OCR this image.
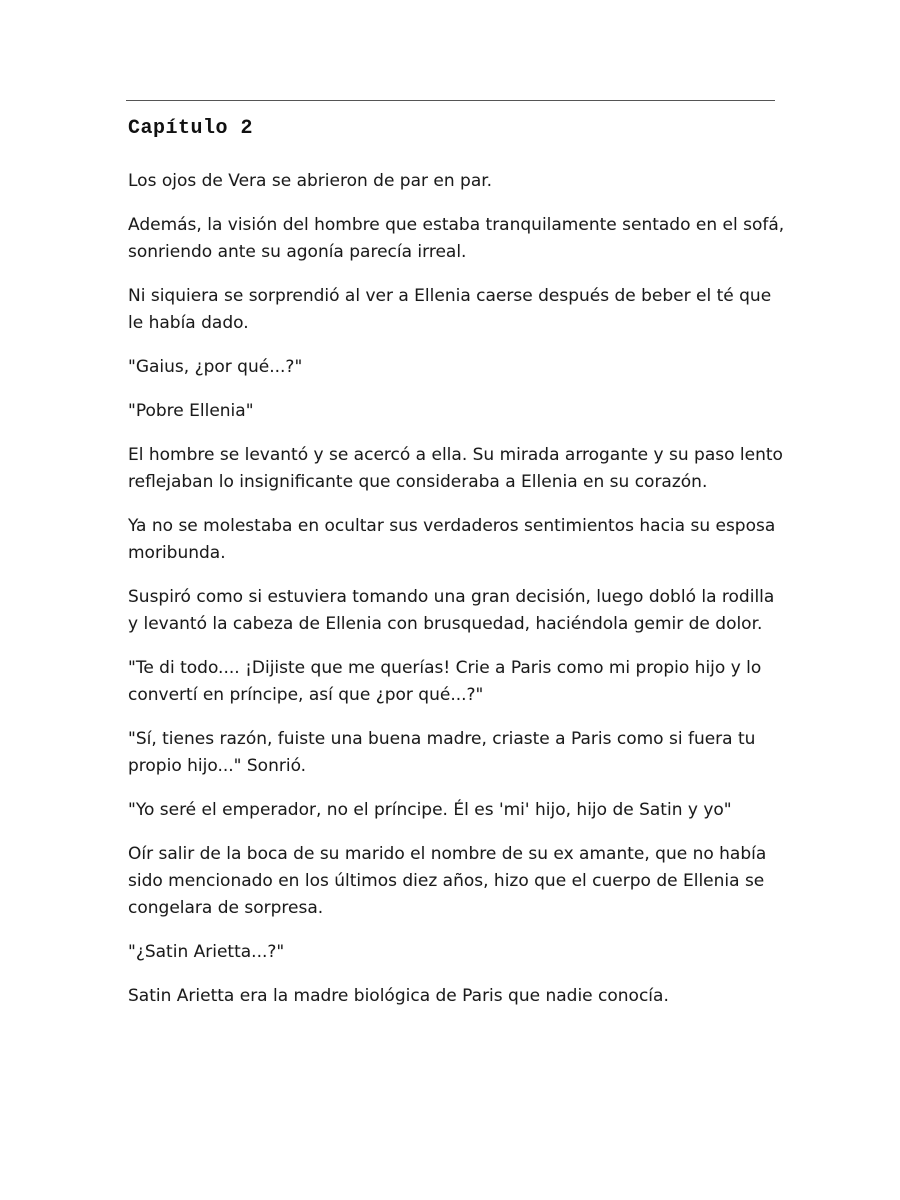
Capítulo 2

Los ojos de Vera se abrieron de par en par.

Además, la visión del hombre que estaba tranquilamente sentado en el sofá, sonriendo ante su agonía parecía irreal.

Ni siquiera se sorprendió al ver a Ellenia caerse después de beber el té que le había dado.

"Gaius, ¿por qué...?"

"Pobre Ellenia"

El hombre se levantó y se acercó a ella. Su mirada arrogante y su paso lento reflejaban lo insignificante que consideraba a Ellenia en su corazón.

Ya no se molestaba en ocultar sus verdaderos sentimientos hacia su esposa moribunda.

Suspiró como si estuviera tomando una gran decisión, luego dobló la rodilla y levantó la cabeza de Ellenia con brusquedad, haciéndola gemir de dolor.

"Te di todo.... ¡Dijiste que me querías! Crie a Paris como mi propio hijo y lo convertí en príncipe, así que ¿por qué...?"

"Sí, tienes razón, fuiste una buena madre, criaste a Paris como si fuera tu propio hijo..." Sonrió.

"Yo seré el emperador, no el príncipe. Él es 'mi' hijo, hijo de Satin y yo"

Oír salir de la boca de su marido el nombre de su ex amante, que no había sido mencionado en los últimos diez años, hizo que el cuerpo de Ellenia se congelara de sorpresa.

"¿Satin Arietta...?"

Satin Arietta era la madre biológica de Paris que nadie conocía.
